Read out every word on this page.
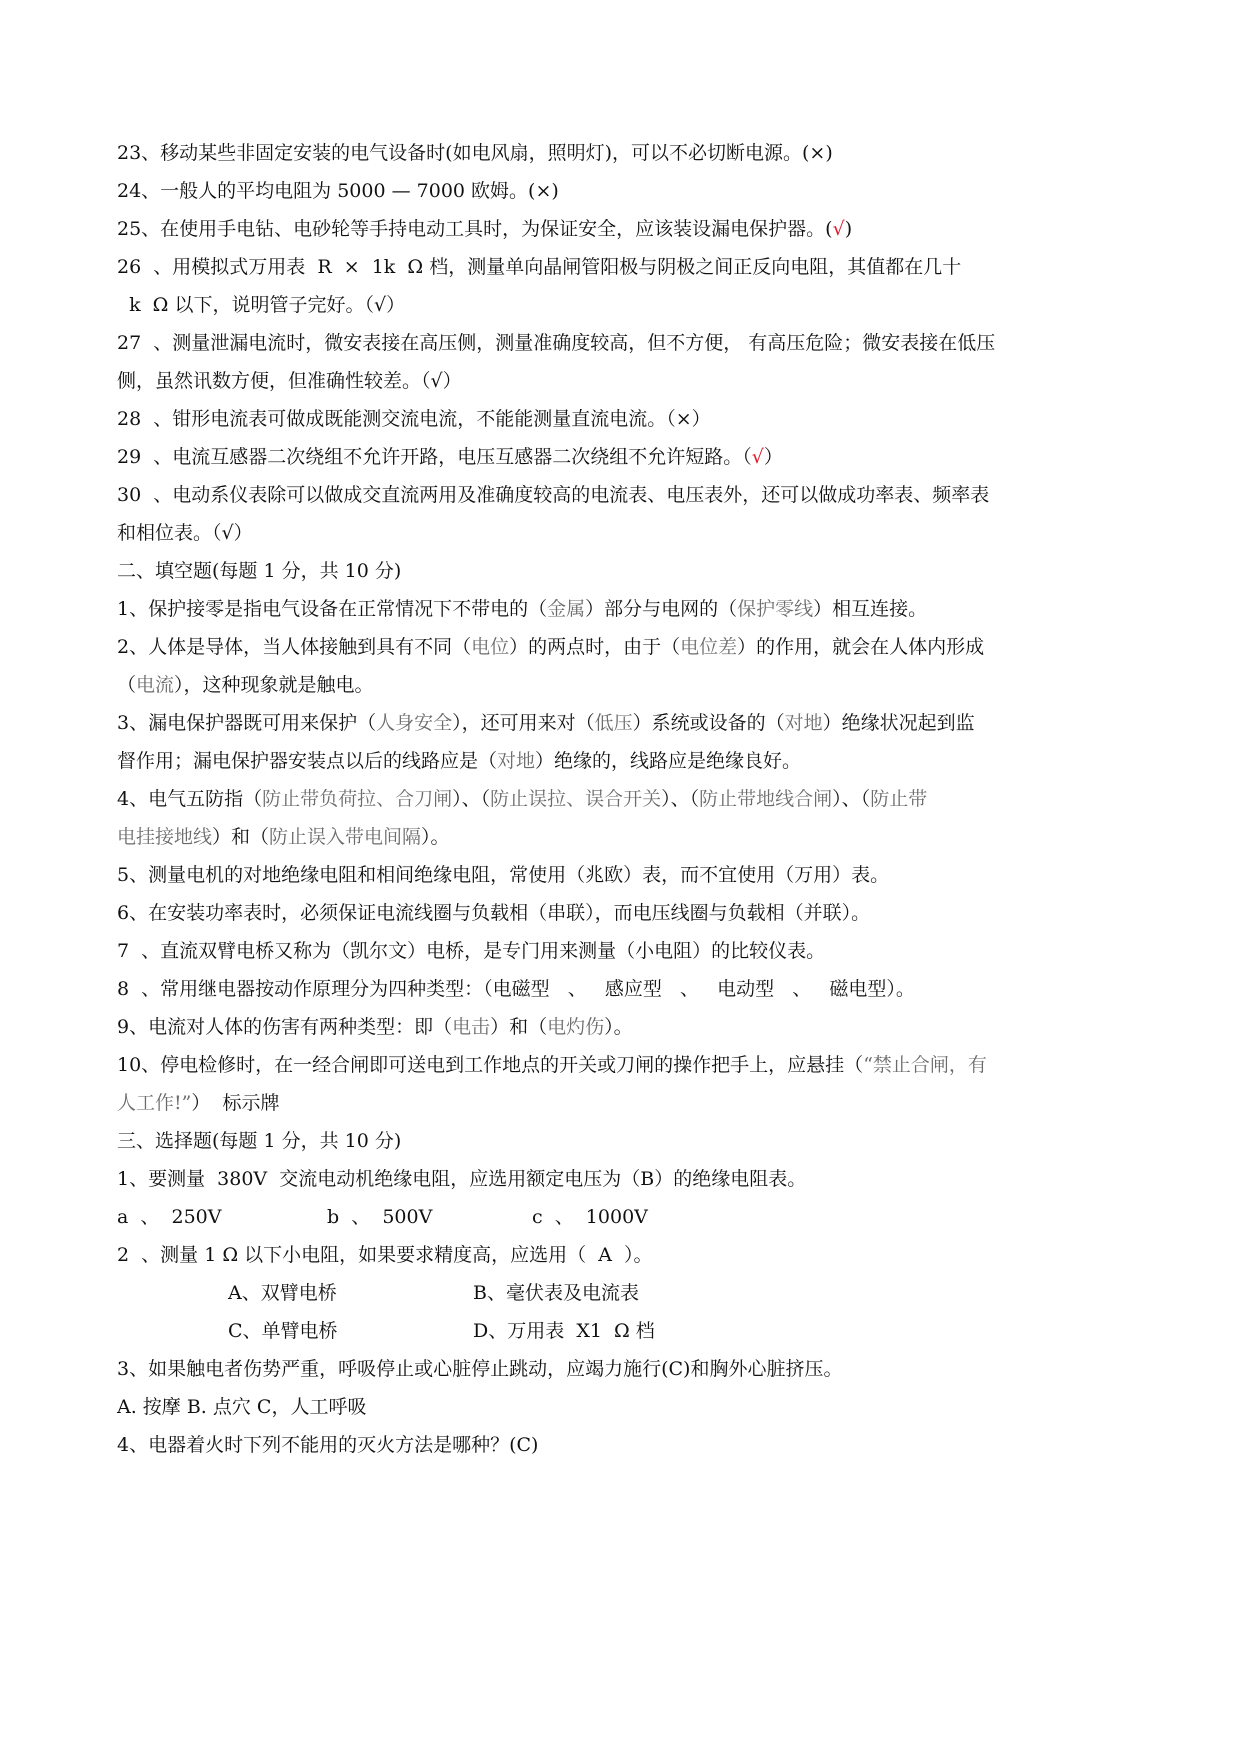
23、移动某些非固定安装的电气设备时(如电风扇，照明灯)，可以不必切断电源。(×)
24、一般人的平均电阻为 5000 — 7000 欧姆。(×)
25、在使用手电钻、电砂轮等手持电动工具时，为保证安全，应该装设漏电保护器。(√)
26  、用模拟式万用表  R  ×  1k  Ω 档，测量单向晶闸管阳极与阴极之间正反向电阻，其值都在几十
k  Ω 以下，说明管子完好。（√）
27  、测量泄漏电流时，微安表接在高压侧，测量准确度较高，但不方便， 有高压危险；微安表接在低压
侧，虽然讯数方便，但准确性较差。（√）
28  、钳形电流表可做成既能测交流电流，不能能测量直流电流。（×）
29  、电流互感器二次绕组不允许开路，电压互感器二次绕组不允许短路。（√）
30  、电动系仪表除可以做成交直流两用及准确度较高的电流表、电压表外，还可以做成功率表、频率表
和相位表。（√）
二、填空题(每题 1 分，共 10 分)
1、保护接零是指电气设备在正常情况下不带电的（金属）部分与电网的（保护零线）相互连接。
2、人体是导体，当人体接触到具有不同（电位）的两点时，由于（电位差）的作用，就会在人体内形成
（电流），这种现象就是触电。
3、漏电保护器既可用来保护（人身安全），还可用来对（低压）系统或设备的（对地）绝缘状况起到监
督作用；漏电保护器安装点以后的线路应是（对地）绝缘的，线路应是绝缘良好。
4、电气五防指（防止带负荷拉、合刀闸）、（防止误拉、误合开关）、（防止带地线合闸）、（防止带
电挂接地线）和（防止误入带电间隔）。
5、测量电机的对地绝缘电阻和相间绝缘电阻，常使用（兆欧）表，而不宜使用（万用）表。
6、在安装功率表时，必须保证电流线圈与负载相（串联），而电压线圈与负载相（并联）。
7  、直流双臂电桥又称为（凯尔文）电桥，是专门用来测量（小电阻）的比较仪表。
8  、常用继电器按动作原理分为四种类型：（电磁型   、   感应型   、   电动型   、   磁电型）。
9、电流对人体的伤害有两种类型：即（电击）和（电灼伤）。
10、停电检修时，在一经合闸即可送电到工作地点的开关或刀闸的操作把手上，应悬挂（“禁止合闸，有
人工作!”）  标示牌
三、选择题(每题 1 分，共 10 分)
1、要测量  380V  交流电动机绝缘电阻，应选用额定电压为（B）的绝缘电阻表。
a  、  250V	b  、  500V	c  、  1000V
2  、测量 1 Ω 以下小电阻，如果要求精度高，应选用（  A  ）。
A、双臂电桥	B、毫伏表及电流表
C、单臂电桥	D、万用表  X1  Ω 档
3、如果触电者伤势严重，呼吸停止或心脏停止跳动，应竭力施行(C)和胸外心脏挤压。
A. 按摩 B. 点穴 C，人工呼吸
4、电器着火时下列不能用的灭火方法是哪种？(C)
